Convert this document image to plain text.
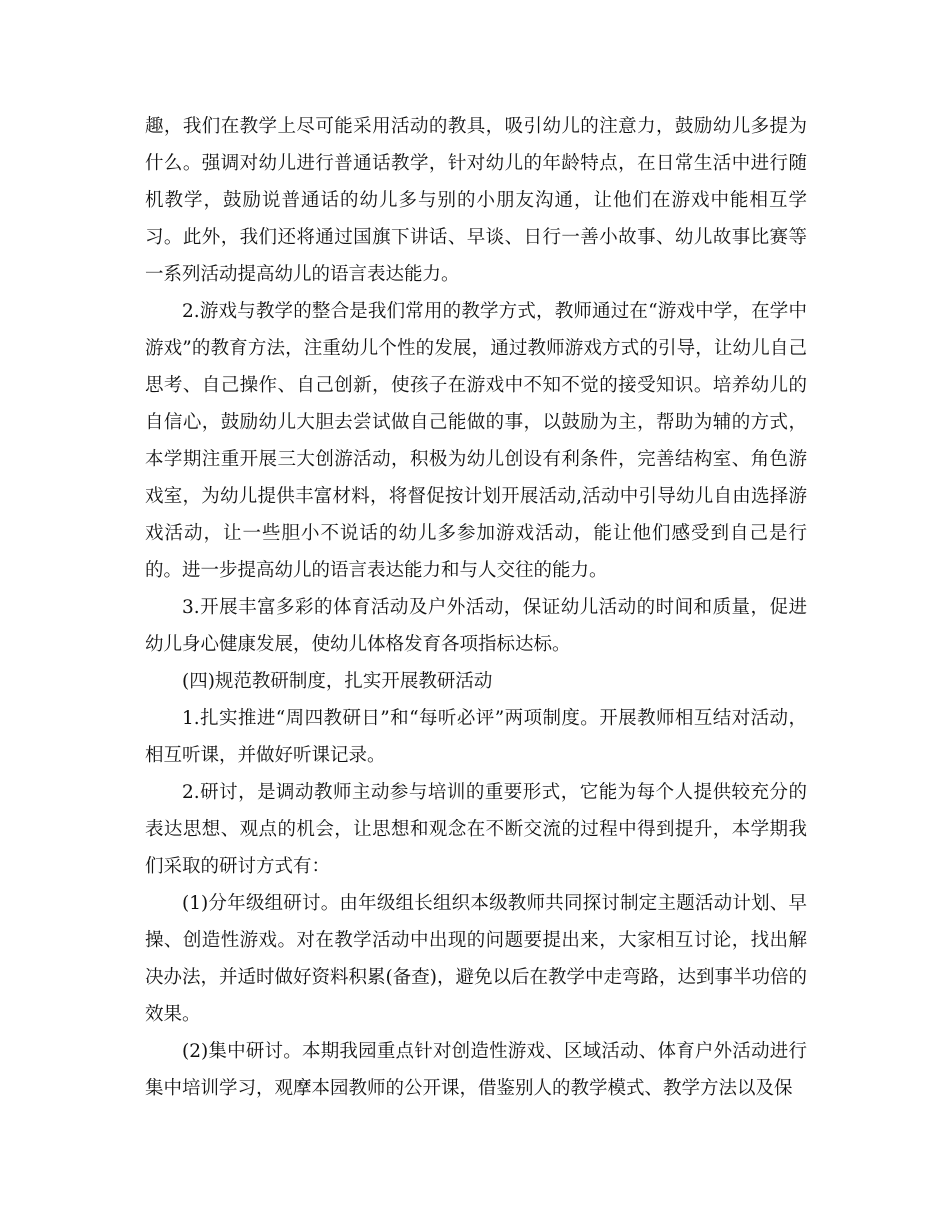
趣，我们在教学上尽可能采用活动的教具，吸引幼儿的注意力，鼓励幼儿多提为什么。强调对幼儿进行普通话教学，针对幼儿的年龄特点，在日常生活中进行随机教学，鼓励说普通话的幼儿多与别的小朋友沟通，让他们在游戏中能相互学习。此外，我们还将通过国旗下讲话、早谈、日行一善小故事、幼儿故事比赛等一系列活动提高幼儿的语言表达能力。

2.游戏与教学的整合是我们常用的教学方式，教师通过在“游戏中学，在学中游戏”的教育方法，注重幼儿个性的发展，通过教师游戏方式的引导，让幼儿自己思考、自己操作、自己创新，使孩子在游戏中不知不觉的接受知识。培养幼儿的自信心，鼓励幼儿大胆去尝试做自己能做的事，以鼓励为主，帮助为辅的方式，本学期注重开展三大创游活动，积极为幼儿创设有利条件，完善结构室、角色游戏室，为幼儿提供丰富材料，将督促按计划开展活动,活动中引导幼儿自由选择游戏活动，让一些胆小不说话的幼儿多参加游戏活动，能让他们感受到自己是行的。进一步提高幼儿的语言表达能力和与人交往的能力。

3.开展丰富多彩的体育活动及户外活动，保证幼儿活动的时间和质量，促进幼儿身心健康发展，使幼儿体格发育各项指标达标。

(四)规范教研制度，扎实开展教研活动

1.扎实推进“周四教研日”和“每听必评”两项制度。开展教师相互结对活动，相互听课，并做好听课记录。

2.研讨，是调动教师主动参与培训的重要形式，它能为每个人提供较充分的表达思想、观点的机会，让思想和观念在不断交流的过程中得到提升，本学期我们采取的研讨方式有：

(1)分年级组研讨。由年级组长组织本级教师共同探讨制定主题活动计划、早操、创造性游戏。对在教学活动中出现的问题要提出来，大家相互讨论，找出解决办法，并适时做好资料积累(备查)，避免以后在教学中走弯路，达到事半功倍的效果。

(2)集中研讨。本期我园重点针对创造性游戏、区域活动、体育户外活动进行集中培训学习，观摩本园教师的公开课，借鉴别人的教学模式、教学方法以及保
